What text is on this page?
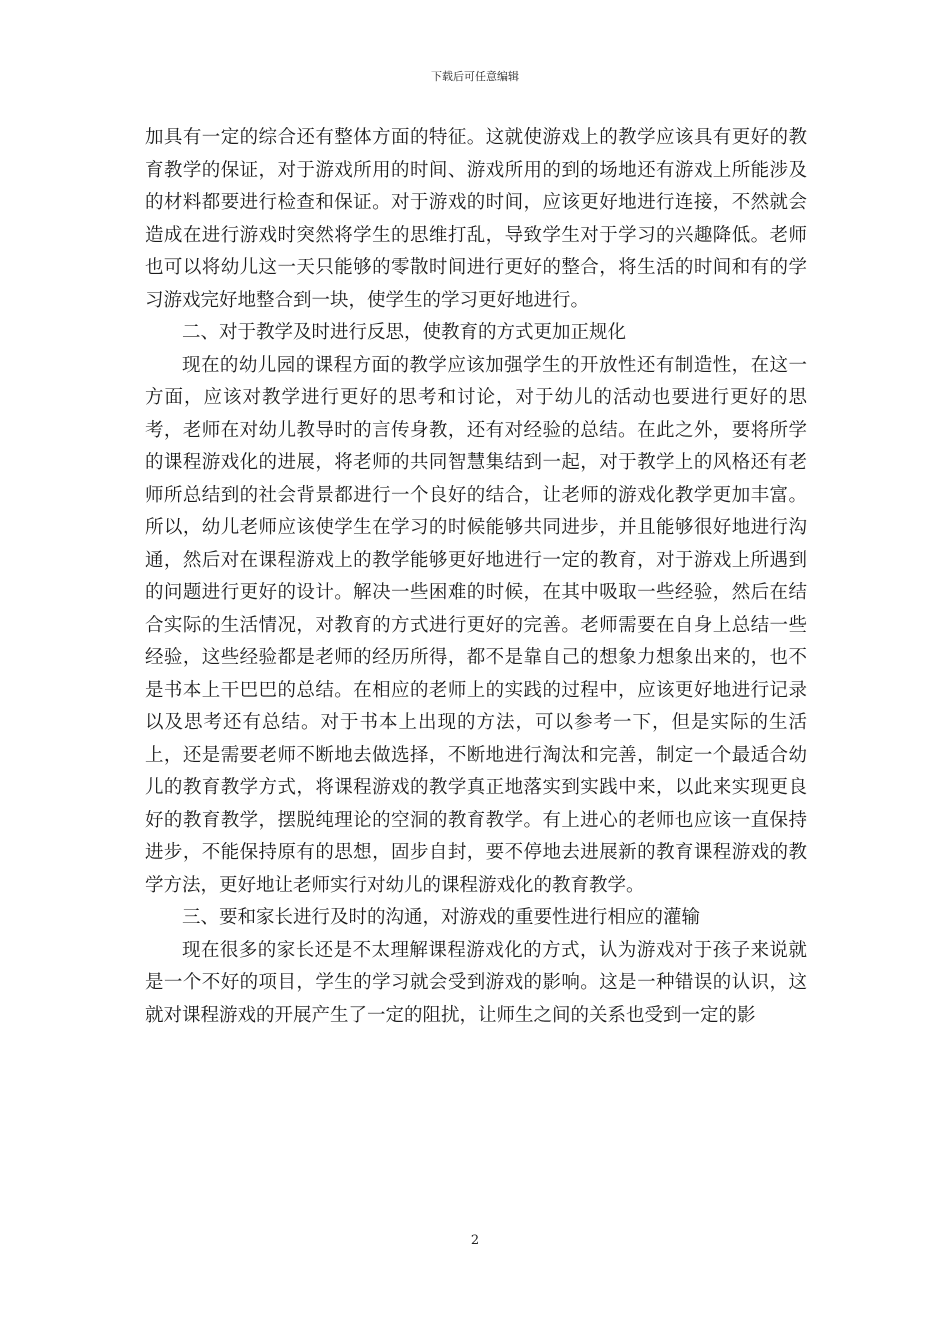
下载后可任意编辑

加具有一定的综合还有整体方面的特征。这就使游戏上的教学应该具有更好的教育教学的保证，对于游戏所用的时间、游戏所用的到的场地还有游戏上所能涉及的材料都要进行检查和保证。对于游戏的时间，应该更好地进行连接，不然就会造成在进行游戏时突然将学生的思维打乱，导致学生对于学习的兴趣降低。老师也可以将幼儿这一天只能够的零散时间进行更好的整合，将生活的时间和有的学习游戏完好地整合到一块，使学生的学习更好地进行。

二、对于教学及时进行反思，使教育的方式更加正规化

现在的幼儿园的课程方面的教学应该加强学生的开放性还有制造性，在这一方面，应该对教学进行更好的思考和讨论，对于幼儿的活动也要进行更好的思考，老师在对幼儿教导时的言传身教，还有对经验的总结。在此之外，要将所学的课程游戏化的进展，将老师的共同智慧集结到一起，对于教学上的风格还有老师所总结到的社会背景都进行一个良好的结合，让老师的游戏化教学更加丰富。所以，幼儿老师应该使学生在学习的时候能够共同进步，并且能够很好地进行沟通，然后对在课程游戏上的教学能够更好地进行一定的教育，对于游戏上所遇到的问题进行更好的设计。解决一些困难的时候，在其中吸取一些经验，然后在结合实际的生活情况，对教育的方式进行更好的完善。老师需要在自身上总结一些经验，这些经验都是老师的经历所得，都不是靠自己的想象力想象出来的，也不是书本上干巴巴的总结。在相应的老师上的实践的过程中，应该更好地进行记录以及思考还有总结。对于书本上出现的方法，可以参考一下，但是实际的生活上，还是需要老师不断地去做选择，不断地进行淘汰和完善，制定一个最适合幼儿的教育教学方式，将课程游戏的教学真正地落实到实践中来，以此来实现更良好的教育教学，摆脱纯理论的空洞的教育教学。有上进心的老师也应该一直保持进步，不能保持原有的思想，固步自封，要不停地去进展新的教育课程游戏的教学方法，更好地让老师实行对幼儿的课程游戏化的教育教学。

三、要和家长进行及时的沟通，对游戏的重要性进行相应的灌输

现在很多的家长还是不太理解课程游戏化的方式，认为游戏对于孩子来说就是一个不好的项目，学生的学习就会受到游戏的影响。这是一种错误的认识，这就对课程游戏的开展产生了一定的阻扰，让师生之间的关系也受到一定的影

2
